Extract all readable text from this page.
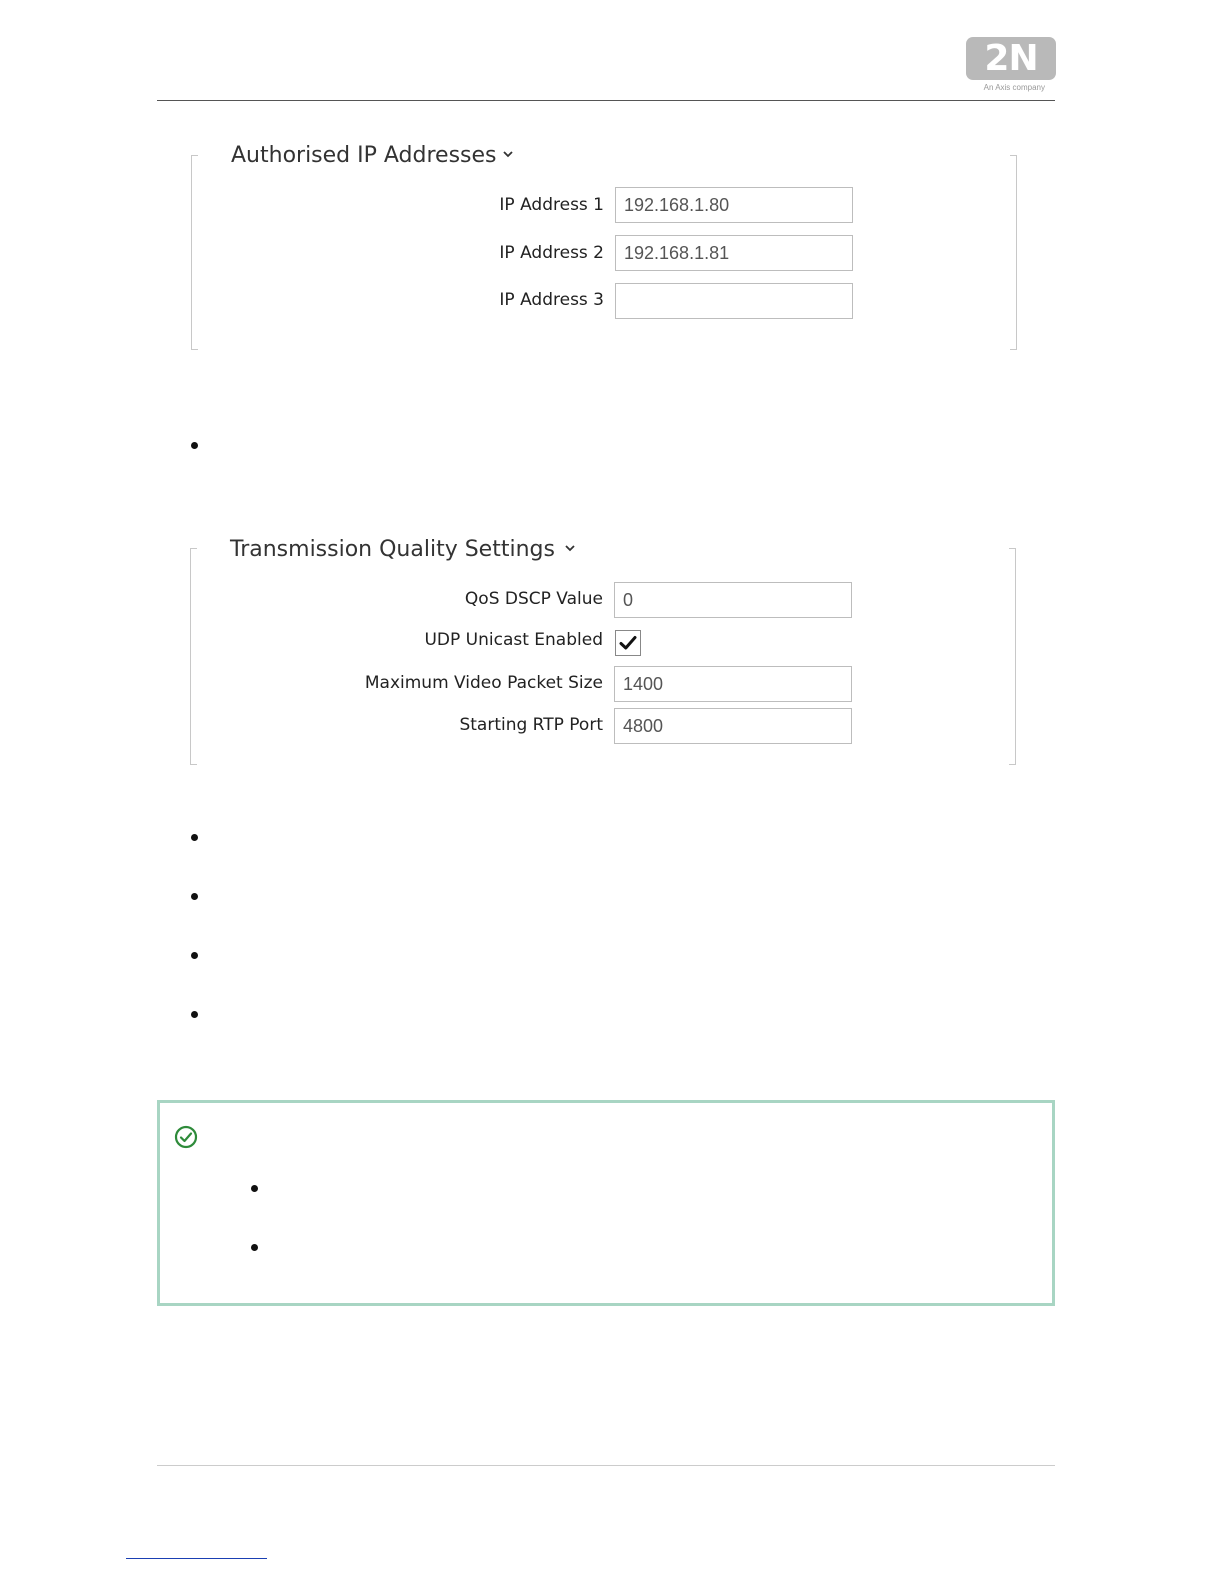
2N
An Axis company
Authorised IP Addresses
IP Address 1
192.168.1.80
IP Address 2
192.168.1.81
IP Address 3
Transmission Quality Settings
QoS DSCP Value
0
UDP Unicast Enabled
Maximum Video Packet Size
1400
Starting RTP Port
4800
